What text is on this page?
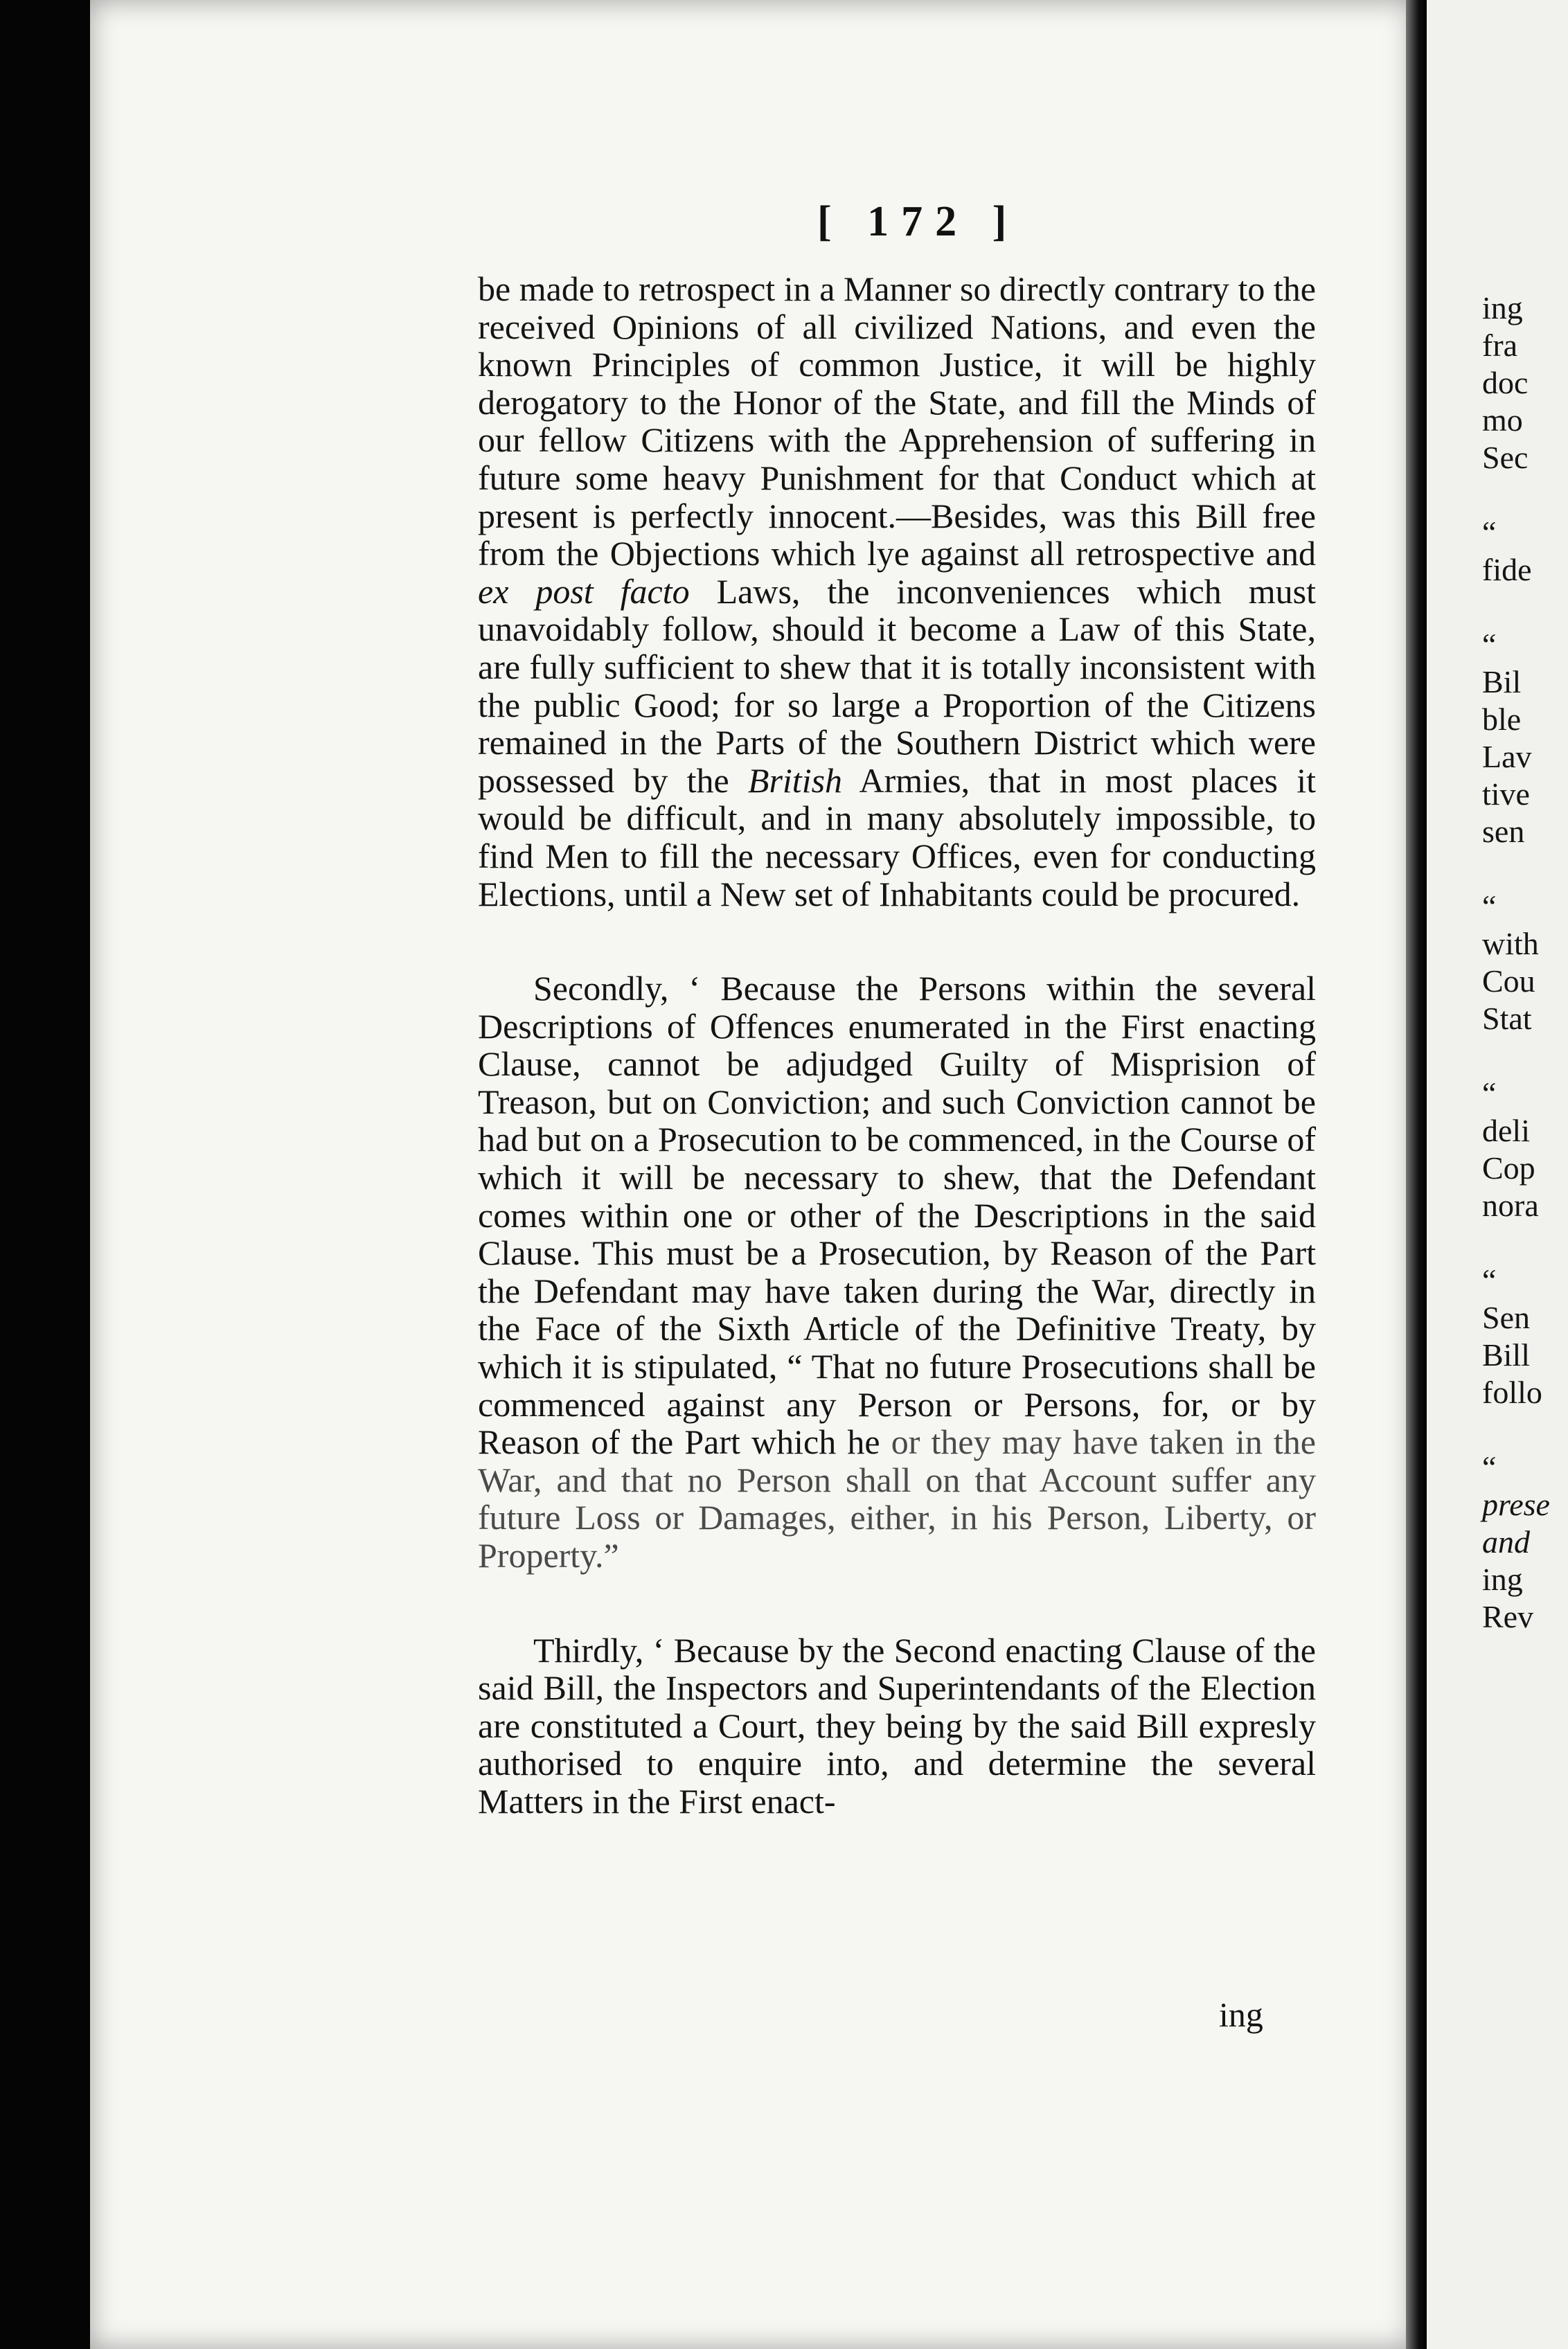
[ 172 ]

be made to retrospect in a Manner so directly contrary to the received Opinions of all civilized Nations, and even the known Principles of common Justice, it will be highly derogatory to the Honor of the State, and fill the Minds of our fellow Citizens with the Apprehension of suffering in future some heavy Punishment for that Conduct which at present is perfectly innocent.—Besides, was this Bill free from the Objections which lye against all retrospective and ex post facto Laws, the inconveniences which must unavoidably follow, should it become a Law of this State, are fully sufficient to shew that it is totally inconsistent with the public Good; for so large a Proportion of the Citizens remained in the Parts of the Southern District which were possessed by the British Armies, that in most places it would be difficult, and in many absolutely impossible, to find Men to fill the necessary Offices, even for conducting Elections, until a New set of Inhabitants could be procured.

Secondly, ‘ Because the Persons within the several Descriptions of Offences enumerated in the First enacting Clause, cannot be adjudged Guilty of Misprision of Treason, but on Conviction; and such Conviction cannot be had but on a Prosecution to be commenced, in the Course of which it will be necessary to shew, that the Defendant comes within one or other of the Descriptions in the said Clause. This must be a Prosecution, by Reason of the Part the Defendant may have taken during the War, directly in the Face of the Sixth Article of the Definitive Treaty, by which it is stipulated, “ That no future Prosecutions shall be commenced against any Person or Persons, for, or by Reason of the Part which he or they may have taken in the War, and that no Person shall on that Account suffer any future Loss or Damages, either, in his Person, Liberty, or Property.”

Thirdly, ‘ Because by the Second enacting Clause of the said Bill, the Inspectors and Superintendants of the Election are constituted a Court, they being by the said Bill expresly authorised to enquire into, and determine the several Matters in the First enact-

ing
ing
fra
doc
mo
Sec
“
fide
“
Bil
ble
Lav
tive
sen
“
with
Cou
Stat
“
deli
Cop
nora
“
Sen
Bill
follo
“
prese
and
ing
Rev
